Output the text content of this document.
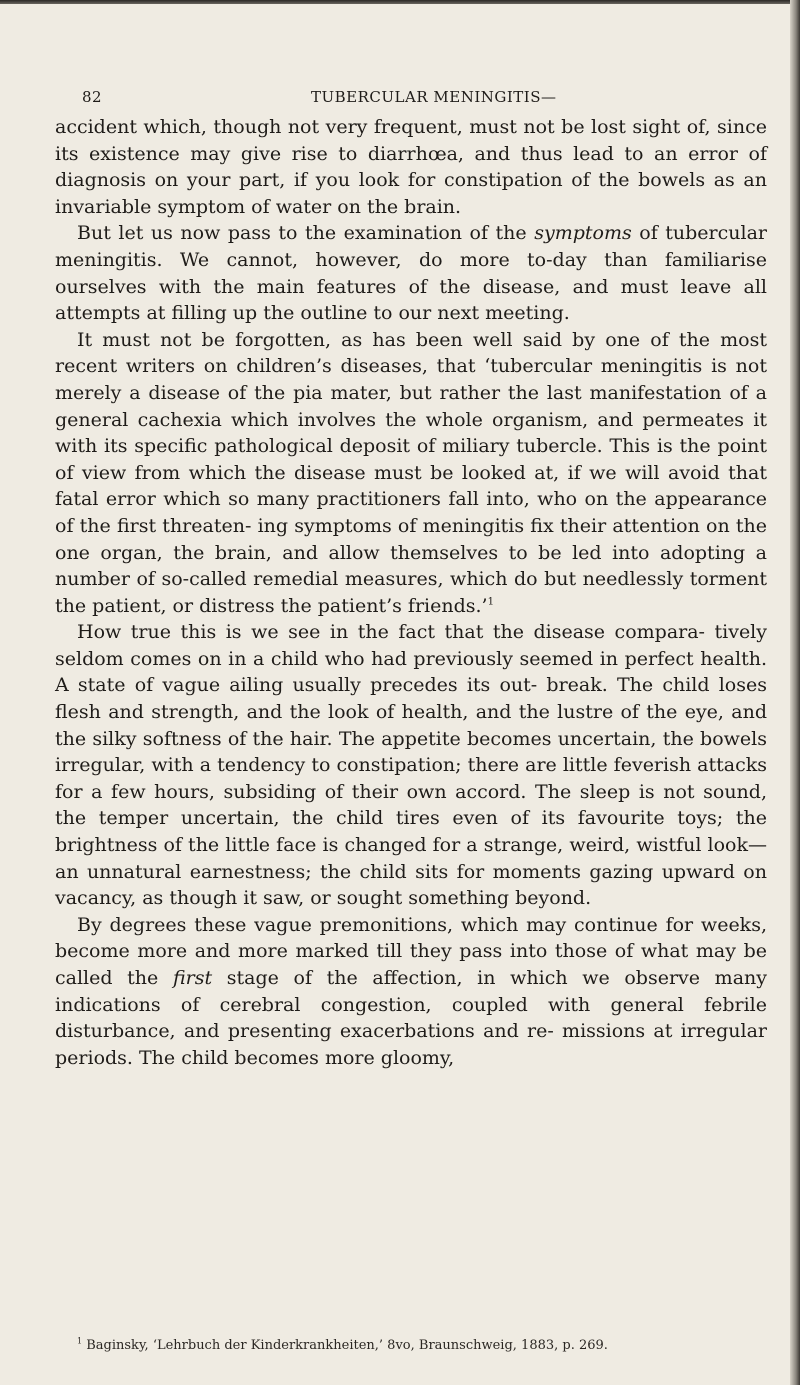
82	TUBERCULAR MENINGITIS—

accident which, though not very frequent, must not be lost sight of, since its existence may give rise to diarrhœa, and thus lead to an error of diagnosis on your part, if you look for constipation of the bowels as an invariable symptom of water on the brain.

But let us now pass to the examination of the symptoms of tubercular meningitis. We cannot, however, do more to-day than familiarise ourselves with the main features of the disease, and must leave all attempts at filling up the outline to our next meeting.

It must not be forgotten, as has been well said by one of the most recent writers on children’s diseases, that ‘tubercular meningitis is not merely a disease of the pia mater, but rather the last manifestation of a general cachexia which involves the whole organism, and permeates it with its specific pathological deposit of miliary tubercle. This is the point of view from which the disease must be looked at, if we will avoid that fatal error which so many practitioners fall into, who on the appearance of the first threaten- ing symptoms of meningitis fix their attention on the one organ, the brain, and allow themselves to be led into adopting a number of so-called remedial measures, which do but needlessly torment the patient, or distress the patient’s friends.’$^1$

How true this is we see in the fact that the disease compara- tively seldom comes on in a child who had previously seemed in perfect health. A state of vague ailing usually precedes its out- break. The child loses flesh and strength, and the look of health, and the lustre of the eye, and the silky softness of the hair. The appetite becomes uncertain, the bowels irregular, with a tendency to constipation; there are little feverish attacks for a few hours, subsiding of their own accord. The sleep is not sound, the temper uncertain, the child tires even of its favourite toys; the brightness of the little face is changed for a strange, weird, wistful look—an unnatural earnestness; the child sits for moments gazing upward on vacancy, as though it saw, or sought something beyond.

By degrees these vague premonitions, which may continue for weeks, become more and more marked till they pass into those of what may be called the first stage of the affection, in which we observe many indications of cerebral congestion, coupled with general febrile disturbance, and presenting exacerbations and re- missions at irregular periods. The child becomes more gloomy,

$^1$ Baginsky, ‘Lehrbuch der Kinderkrankheiten,’ 8vo, Braunschweig, 1883, p. 269.
